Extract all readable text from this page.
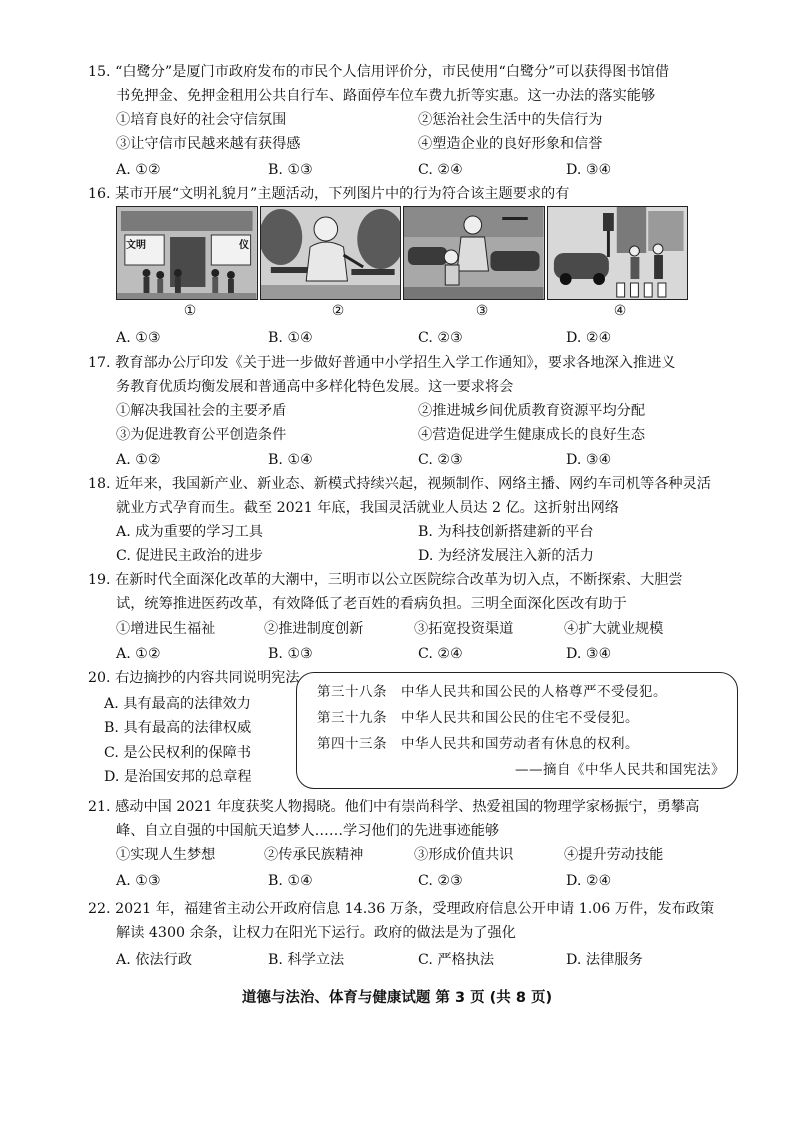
15. “白鹭分”是厦门市政府发布的市民个人信用评价分，市民使用“白鹭分”可以获得图书馆借
书免押金、免押金租用公共自行车、路面停车位车费九折等实惠。这一办法的落实能够
①培育良好的社会守信氛围	②惩治社会生活中的失信行为
③让守信市民越来越有获得感	④塑造企业的良好形象和信誉
A. ①②	B. ①③	C. ②④	D. ③④
16. 某市开展“文明礼貌月”主题活动，下列图片中的行为符合该主题要求的有
文明	仪
①	②	③	④
A. ①③	B. ①④	C. ②③	D. ②④
17. 教育部办公厅印发《关于进一步做好普通中小学招生入学工作通知》，要求各地深入推进义
务教育优质均衡发展和普通高中多样化特色发展。这一要求将会
①解决我国社会的主要矛盾	②推进城乡间优质教育资源平均分配
③为促进教育公平创造条件	④营造促进学生健康成长的良好生态
A. ①②	B. ①④	C. ②③	D. ③④
18. 近年来，我国新产业、新业态、新模式持续兴起，视频制作、网络主播、网约车司机等各种灵活
就业方式孕育而生。截至 2021 年底，我国灵活就业人员达 2 亿。这折射出网络
A. 成为重要的学习工具	B. 为科技创新搭建新的平台
C. 促进民主政治的进步	D. 为经济发展注入新的活力
19. 在新时代全面深化改革的大潮中，三明市以公立医院综合改革为切入点，不断探索、大胆尝
试，统筹推进医药改革，有效降低了老百姓的看病负担。三明全面深化医改有助于
①增进民生福祉	②推进制度创新	③拓宽投资渠道	④扩大就业规模
A. ①②	B. ①③	C. ②④	D. ③④
20. 右边摘抄的内容共同说明宪法
A. 具有最高的法律效力
B. 具有最高的法律权威
C. 是公民权利的保障书
D. 是治国安邦的总章程
第三十八条　中华人民共和国公民的人格尊严不受侵犯。
第三十九条　中华人民共和国公民的住宅不受侵犯。
第四十三条　中华人民共和国劳动者有休息的权利。
——摘自《中华人民共和国宪法》
21. 感动中国 2021 年度获奖人物揭晓。他们中有崇尚科学、热爱祖国的物理学家杨振宁，勇攀高
峰、自立自强的中国航天追梦人……学习他们的先进事迹能够
①实现人生梦想	②传承民族精神	③形成价值共识	④提升劳动技能
A. ①③	B. ①④	C. ②③	D. ②④
22. 2021 年，福建省主动公开政府信息 14.36 万条，受理政府信息公开申请 1.06 万件，发布政策
解读 4300 余条，让权力在阳光下运行。政府的做法是为了强化
A. 依法行政	B. 科学立法	C. 严格执法	D. 法律服务
道德与法治、体育与健康试题 第 3 页 (共 8 页)
